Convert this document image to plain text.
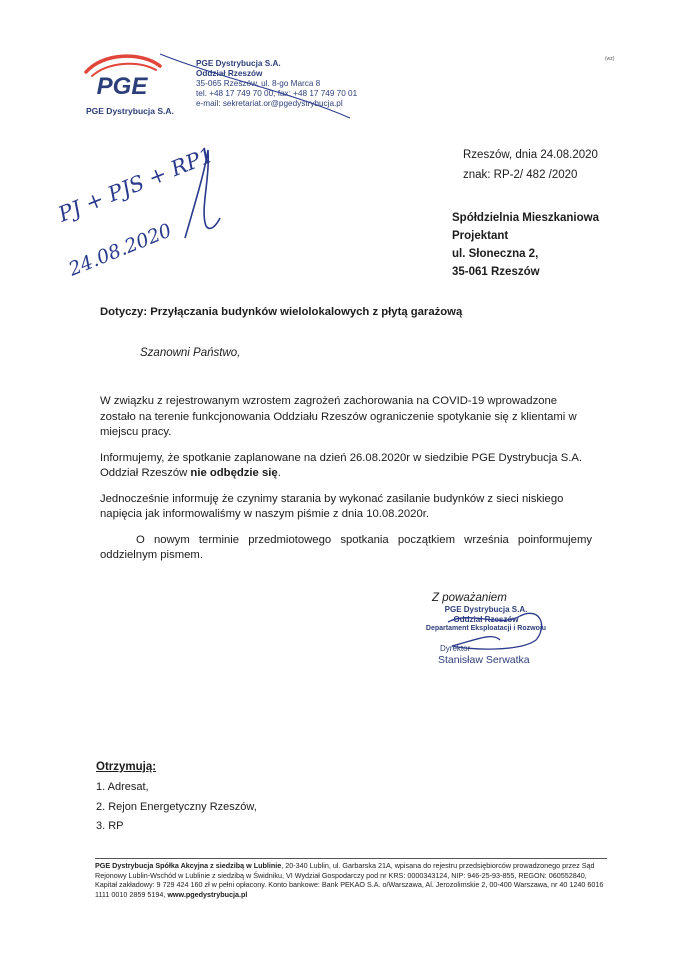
(wz)
PGE
PGE Dystrybucja S.A.
PGE Dystrybucja S.A.
Oddział Rzeszów
35-065 Rzeszów, ul. 8-go Marca 8
tel. +48 17 749 70 00, fax: +48 17 749 70 01
e-mail: sekretariat.or@pgedystrybucja.pl
PJ + PJS + RP1
24.08.2020
Rzeszów, dnia 24.08.2020
znak: RP-2/ 482 /2020
Spółdzielnia Mieszkaniowa
Projektant
ul. Słoneczna 2,
35-061 Rzeszów
Dotyczy: Przyłączania budynków wielolokalowych z płytą garażową
Szanowni Państwo,

W związku z rejestrowanym wzrostem zagrożeń zachorowania na COVID-19 wprowadzone zostało na terenie funkcjonowania Oddziału Rzeszów ograniczenie spotykanie się z klientami w miejscu pracy.

Informujemy, że spotkanie zaplanowane na dzień 26.08.2020r w siedzibie PGE Dystrybucja S.A. Oddział Rzeszów nie odbędzie się.

Jednocześnie informuję że czynimy starania by wykonać zasilanie budynków z sieci niskiego napięcia jak informowaliśmy w naszym piśmie z dnia 10.08.2020r.

O nowym terminie przedmiotowego spotkania początkiem września poinformujemy oddzielnym pismem.

Z poważaniem
PGE Dystrybucja S.A.
Oddział Rzeszów
Departament Eksploatacji i Rozwoju
Dyrektor
Stanisław Serwatka
Otrzymują:
1. Adresat,
2. Rejon Energetyczny Rzeszów,
3. RP
PGE Dystrybucja Spółka Akcyjna z siedzibą w Lublinie, 20-340 Lublin, ul. Garbarska 21A, wpisana do rejestru przedsiębiorców prowadzonego przez Sąd Rejonowy Lublin-Wschód w Lublinie z siedzibą w Świdniku, VI Wydział Gospodarczy pod nr KRS: 0000343124, NIP: 946-25-93-855, REGON: 060552840, Kapitał zakładowy: 9 729 424 160 zł w pełni opłacony. Konto bankowe: Bank PEKAO S.A. o/Warszawa, Al. Jerozolimskie 2, 00-400 Warszawa, nr 40 1240 6016 1111 0010 2859 5194, www.pgedystrybucja.pl
